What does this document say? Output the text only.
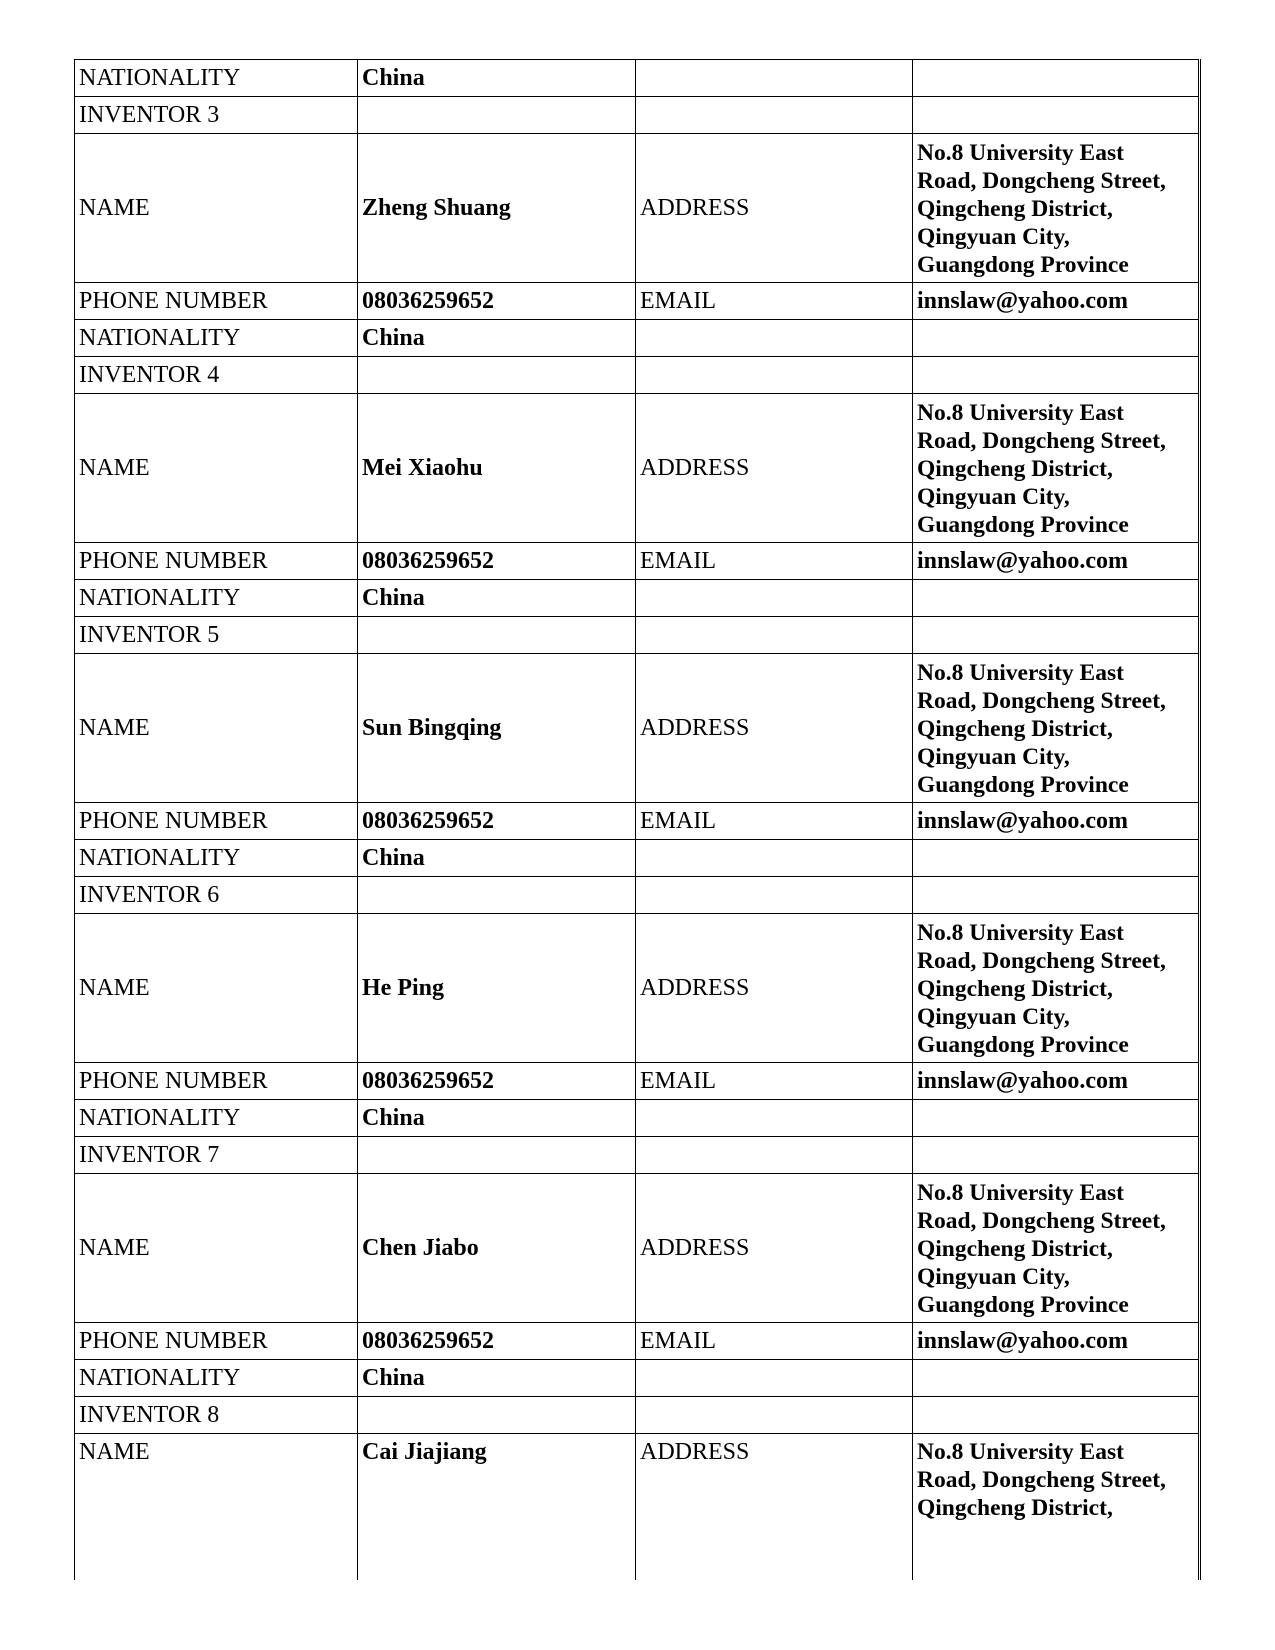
NATIONALITY	China		
INVENTOR 3			
NAME	Zheng Shuang	ADDRESS	No.8 University East
Road, Dongcheng Street,
Qingcheng District,
Qingyuan City,
Guangdong Province

PHONE NUMBER	08036259652	EMAIL	innslaw@yahoo.com
NATIONALITY	China		
INVENTOR 4			
NAME	Mei Xiaohu	ADDRESS	No.8 University East
Road, Dongcheng Street,
Qingcheng District,
Qingyuan City,
Guangdong Province

PHONE NUMBER	08036259652	EMAIL	innslaw@yahoo.com
NATIONALITY	China		
INVENTOR 5			
NAME	Sun Bingqing	ADDRESS	No.8 University East
Road, Dongcheng Street,
Qingcheng District,
Qingyuan City,
Guangdong Province

PHONE NUMBER	08036259652	EMAIL	innslaw@yahoo.com
NATIONALITY	China		
INVENTOR 6			
NAME	He Ping	ADDRESS	No.8 University East
Road, Dongcheng Street,
Qingcheng District,
Qingyuan City,
Guangdong Province

PHONE NUMBER	08036259652	EMAIL	innslaw@yahoo.com
NATIONALITY	China		
INVENTOR 7			
NAME	Chen Jiabo	ADDRESS	No.8 University East
Road, Dongcheng Street,
Qingcheng District,
Qingyuan City,
Guangdong Province

PHONE NUMBER	08036259652	EMAIL	innslaw@yahoo.com
NATIONALITY	China		
INVENTOR 8			
NAME	Cai Jiajiang	ADDRESS	No.8 University East
Road, Dongcheng Street,
Qingcheng District,
